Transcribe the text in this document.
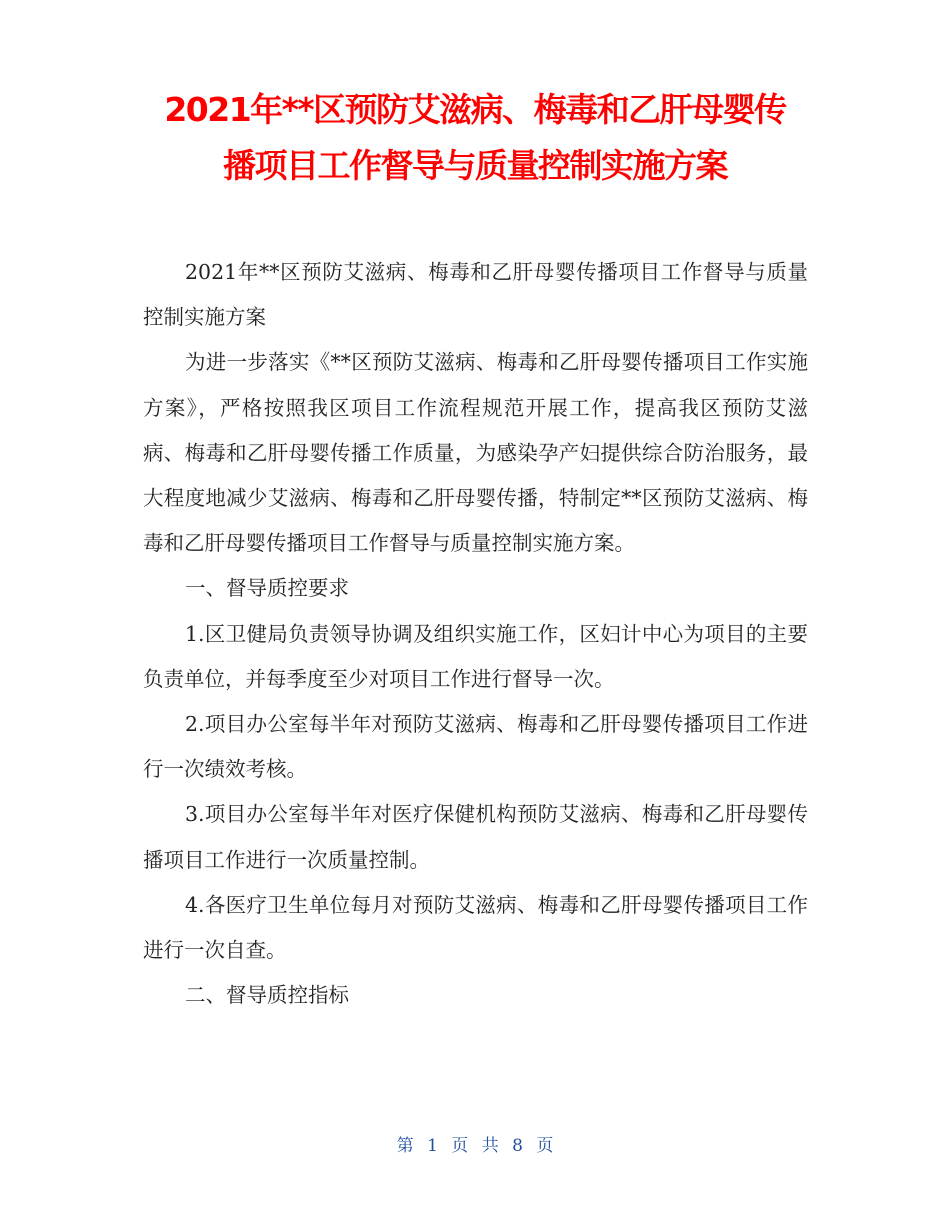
2021年**区预防艾滋病、梅毒和乙肝母婴传
播项目工作督导与质量控制实施方案

2021年**区预防艾滋病、梅毒和乙肝母婴传播项目工作督导与质量控制实施方案

为进一步落实《**区预防艾滋病、梅毒和乙肝母婴传播项目工作实施方案》，严格按照我区项目工作流程规范开展工作，提高我区预防艾滋病、梅毒和乙肝母婴传播工作质量，为感染孕产妇提供综合防治服务，最大程度地减少艾滋病、梅毒和乙肝母婴传播，特制定**区预防艾滋病、梅毒和乙肝母婴传播项目工作督导与质量控制实施方案。

一、督导质控要求

1.区卫健局负责领导协调及组织实施工作，区妇计中心为项目的主要负责单位，并每季度至少对项目工作进行督导一次。

2.项目办公室每半年对预防艾滋病、梅毒和乙肝母婴传播项目工作进行一次绩效考核。

3.项目办公室每半年对医疗保健机构预防艾滋病、梅毒和乙肝母婴传播项目工作进行一次质量控制。

4.各医疗卫生单位每月对预防艾滋病、梅毒和乙肝母婴传播项目工作进行一次自查。

二、督导质控指标

第 1 页 共 8 页
